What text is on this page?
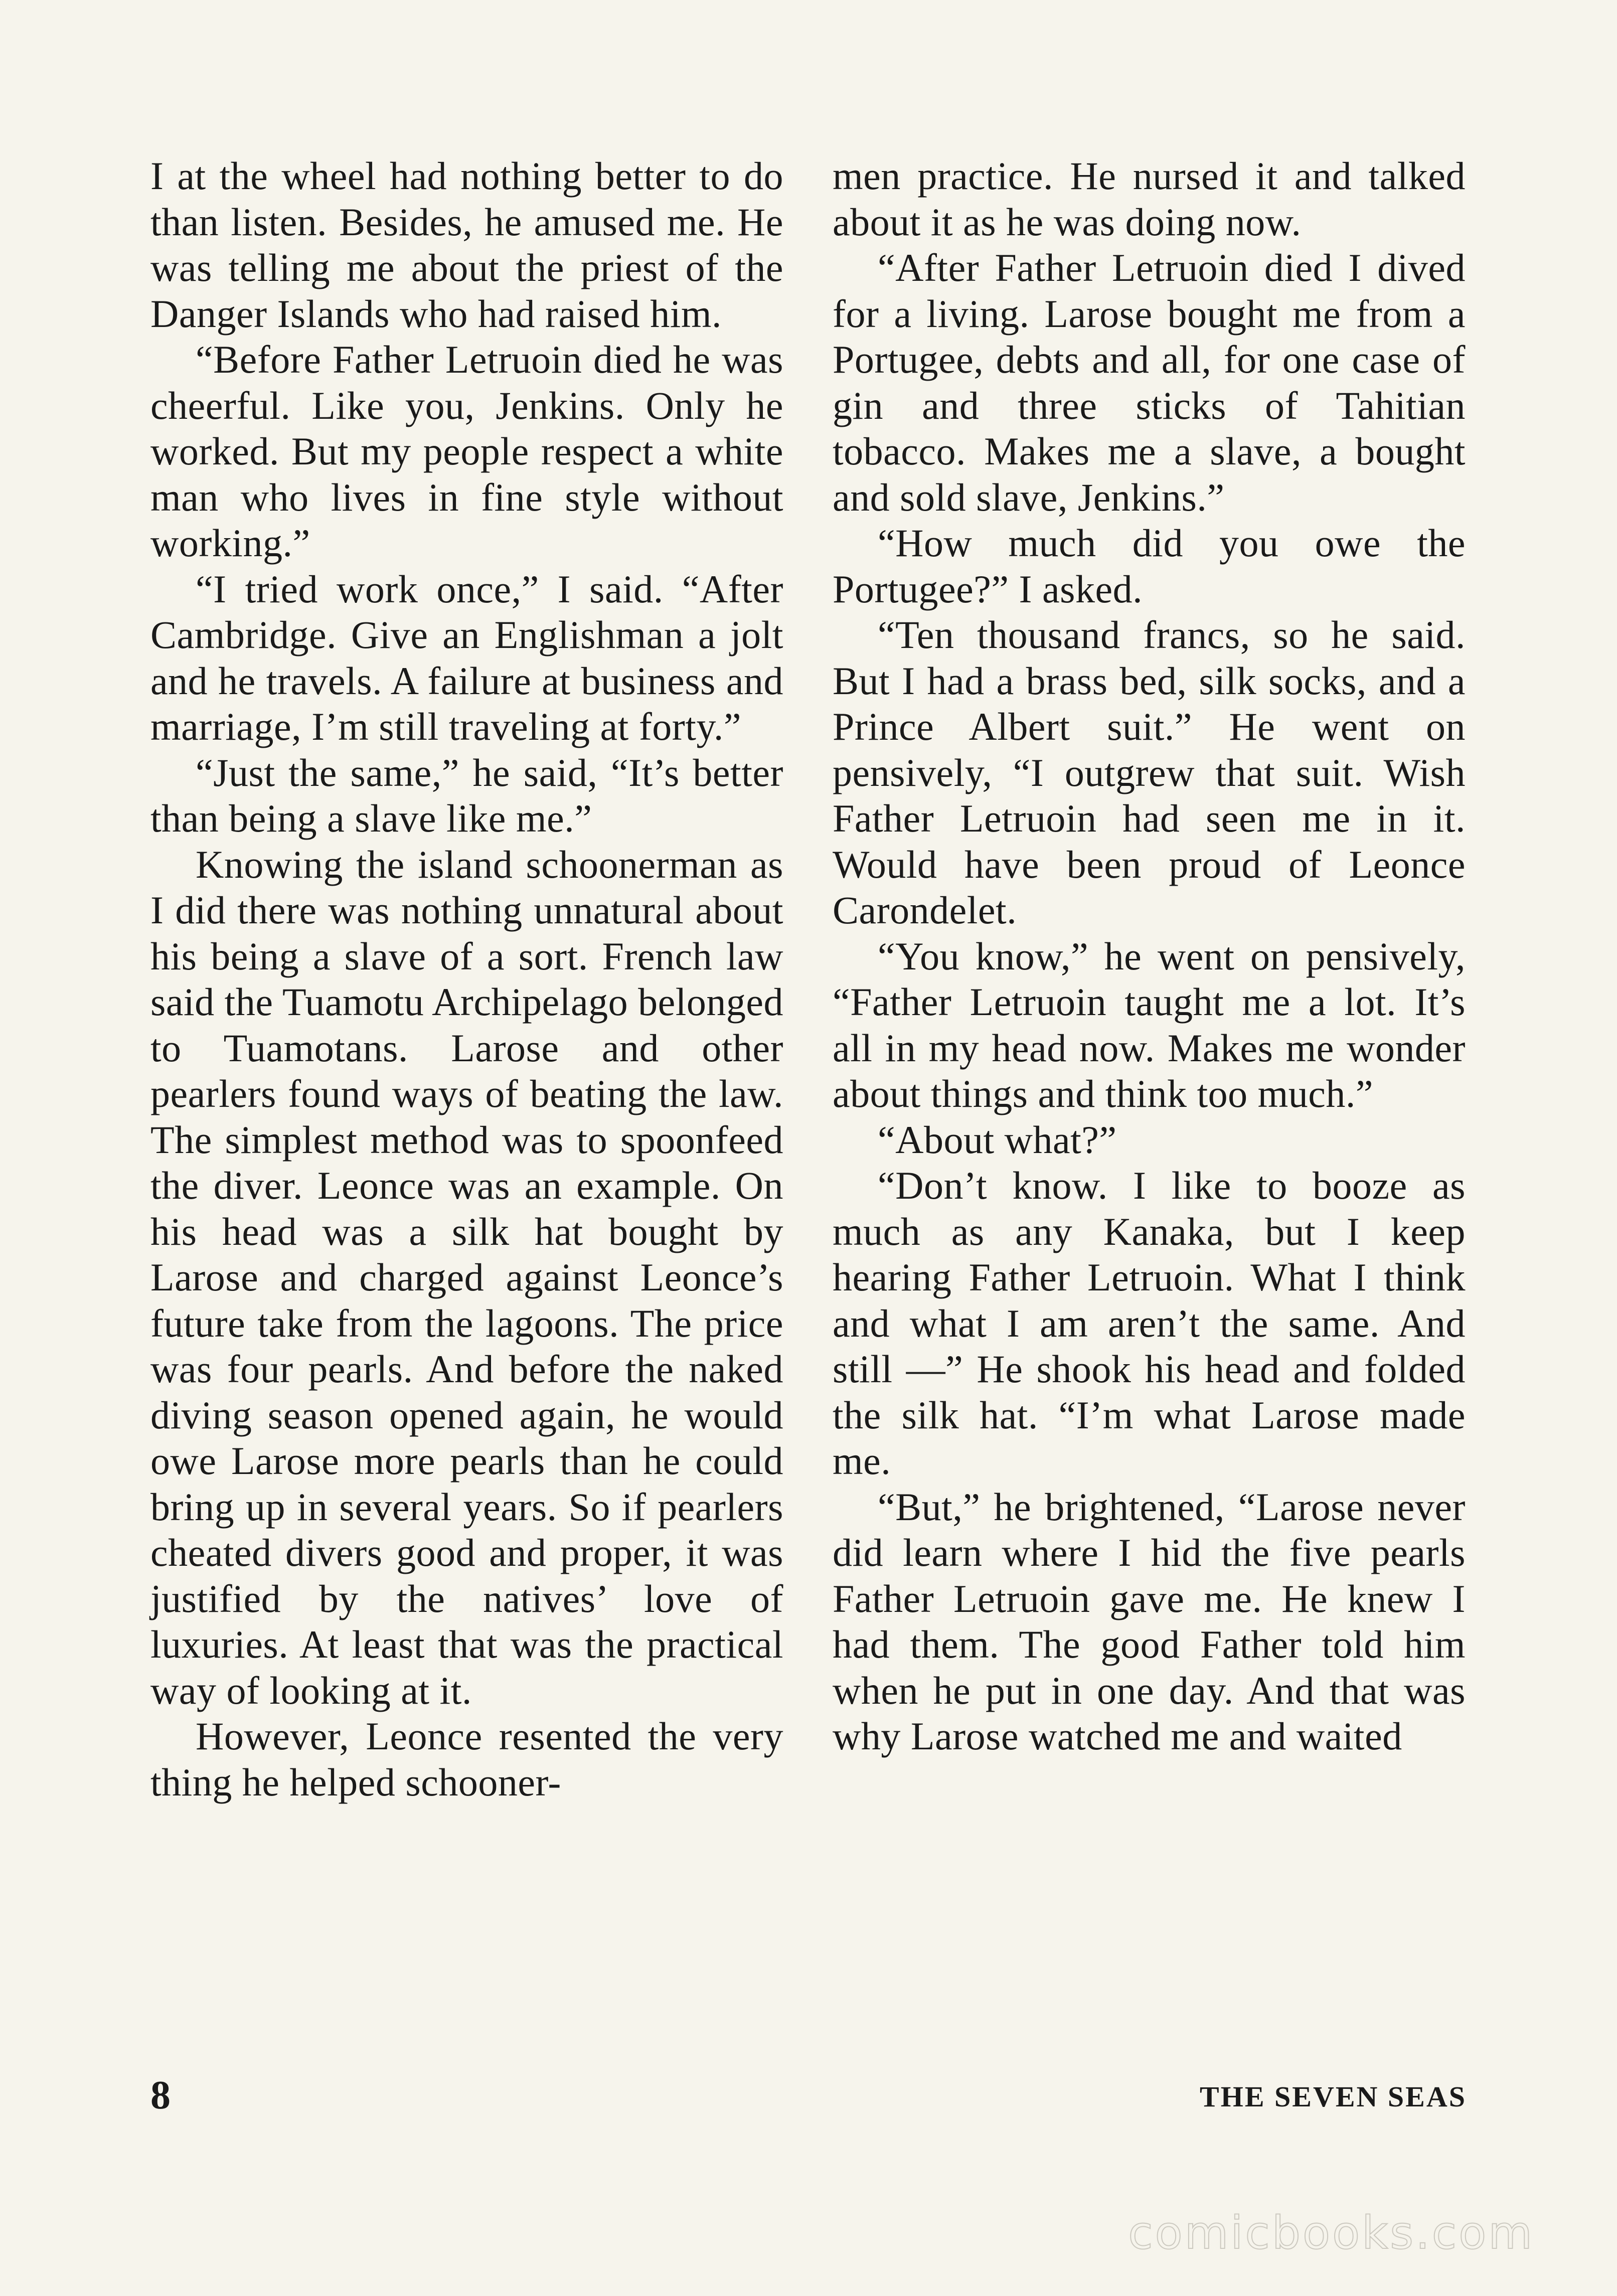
I at the wheel had nothing better to do than listen. Besides, he amused me. He was telling me about the priest of the Danger Islands who had raised him.

“Before Father Letruoin died he was cheerful. Like you, Jenkins. Only he worked. But my people respect a white man who lives in fine style without working.”

“I tried work once,” I said. “After Cambridge. Give an Englishman a jolt and he travels. A failure at business and marriage, I’m still traveling at forty.”

“Just the same,” he said, “It’s better than being a slave like me.”

Knowing the island schoonerman as I did there was nothing unnatural about his being a slave of a sort. French law said the Tuamotu Archipelago belonged to Tuamotans. Larose and other pearlers found ways of beating the law. The simplest method was to spoonfeed the diver. Leonce was an example. On his head was a silk hat bought by Larose and charged against Leonce’s future take from the lagoons. The price was four pearls. And before the naked diving season opened again, he would owe Larose more pearls than he could bring up in several years. So if pearlers cheated divers good and proper, it was justified by the natives’ love of luxuries. At least that was the practical way of looking at it.

However, Leonce resented the very thing he helped schooner-

men practice. He nursed it and talked about it as he was doing now.

“After Father Letruoin died I dived for a living. Larose bought me from a Portugee, debts and all, for one case of gin and three sticks of Tahitian tobacco. Makes me a slave, a bought and sold slave, Jenkins.”

“How much did you owe the Portugee?” I asked.

“Ten thousand francs, so he said. But I had a brass bed, silk socks, and a Prince Albert suit.” He went on pensively, “I outgrew that suit. Wish Father Letruoin had seen me in it. Would have been proud of Leonce Carondelet.

“You know,” he went on pensively, “Father Letruoin taught me a lot. It’s all in my head now. Makes me wonder about things and think too much.”

“About what?”

“Don’t know. I like to booze as much as any Kanaka, but I keep hearing Father Letruoin. What I think and what I am aren’t the same. And still —” He shook his head and folded the silk hat. “I’m what Larose made me.

“But,” he brightened, “Larose never did learn where I hid the five pearls Father Letruoin gave me. He knew I had them. The good Father told him when he put in one day. And that was why Larose watched me and waited

8	THE SEVEN SEAS
comicbooks.com
